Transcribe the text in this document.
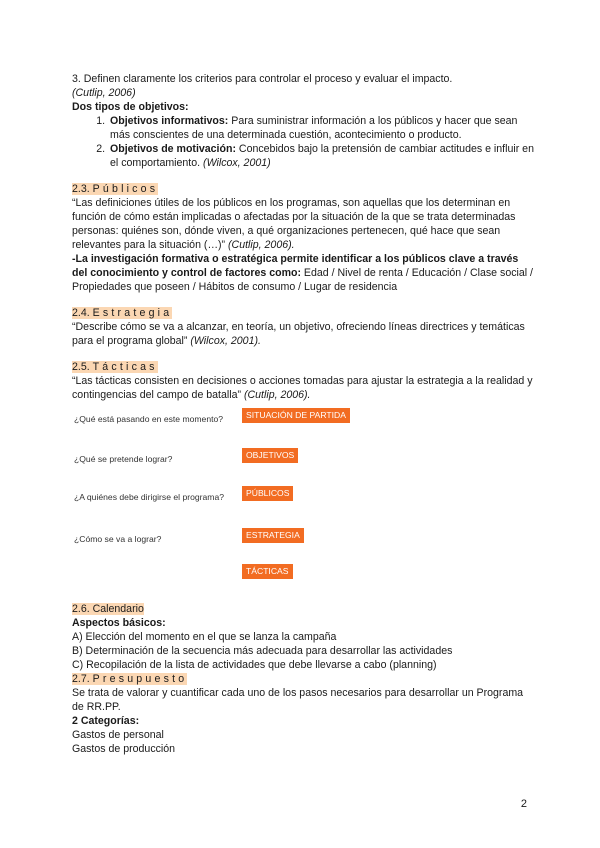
3. Definen claramente los criterios para controlar el proceso y evaluar el impacto.

(Cutlip, 2006)

Dos tipos de objetivos:

1. Objetivos informativos: Para suministrar información a los públicos y hacer que sean más conscientes de una determinada cuestión, acontecimiento o producto.
2. Objetivos de motivación: Concebidos bajo la pretensión de cambiar actitudes e influir en el comportamiento. (Wilcox, 2001)

2.3. Públicos

“Las definiciones útiles de los públicos en los programas, son aquellas que los determinan en función de cómo están implicadas o afectadas por la situación de la que se trata determinadas personas: quiénes son, dónde viven, a qué organizaciones pertenecen, qué hace que sean relevantes para la situación (…)” (Cutlip, 2006).

-La investigación formativa o estratégica permite identificar a los públicos clave a través del conocimiento y control de factores como: Edad / Nivel de renta / Educación / Clase social / Propiedades que poseen / Hábitos de consumo / Lugar de residencia

2.4. Estrategia

“Describe cómo se va a alcanzar, en teoría, un objetivo, ofreciendo líneas directrices y temáticas para el programa global” (Wilcox, 2001).

2.5. Tácticas

“Las tácticas consisten en decisiones o acciones tomadas para ajustar la estrategia a la realidad y contingencias del campo de batalla” (Cutlip, 2006).

¿Qué está pasando en este momento?	SITUACIÓN DE PARTIDA
¿Qué se pretende lograr?	OBJETIVOS
¿A quiénes debe dirigirse el programa?	PÚBLICOS
¿Cómo se va a lograr?	ESTRATEGIA
TÁCTICAS

2.6. Calendario

Aspectos básicos:

A) Elección del momento en el que se lanza la campaña

B) Determinación de la secuencia más adecuada para desarrollar las actividades

C) Recopilación de la lista de actividades que debe llevarse a cabo (planning)

2.7. Presupuesto

Se trata de valorar y cuantificar cada uno de los pasos necesarios para desarrollar un Programa de RR.PP.

2 Categorías:

Gastos de personal

Gastos de producción

2
